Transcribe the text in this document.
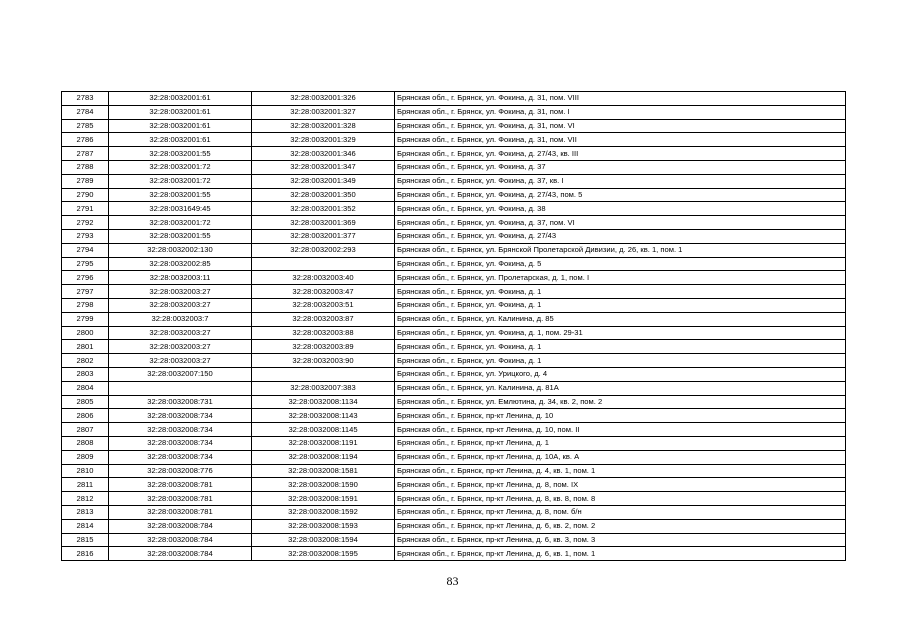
2783	32:28:0032001:61	32:28:0032001:326	Брянская обл., г. Брянск, ул. Фокина, д. 31, пом. VIII
2784	32:28:0032001:61	32:28:0032001:327	Брянская обл., г. Брянск, ул. Фокина, д. 31, пом. I
2785	32:28:0032001:61	32:28:0032001:328	Брянская обл., г. Брянск, ул. Фокина, д. 31, пом. VI
2786	32:28:0032001:61	32:28:0032001:329	Брянская обл., г. Брянск, ул. Фокина, д. 31, пом. VII
2787	32:28:0032001:55	32:28:0032001:346	Брянская обл., г. Брянск, ул. Фокина, д. 27/43, кв. III
2788	32:28:0032001:72	32:28:0032001:347	Брянская обл., г. Брянск, ул. Фокина, д. 37
2789	32:28:0032001:72	32:28:0032001:349	Брянская обл., г. Брянск, ул. Фокина, д. 37, кв. I
2790	32:28:0032001:55	32:28:0032001:350	Брянская обл., г. Брянск, ул. Фокина, д. 27/43, пом. 5
2791	32:28:0031649:45	32:28:0032001:352	Брянская обл., г. Брянск, ул. Фокина, д. 38
2792	32:28:0032001:72	32:28:0032001:369	Брянская обл., г. Брянск, ул. Фокина, д. 37, пом. VI
2793	32:28:0032001:55	32:28:0032001:377	Брянская обл., г. Брянск, ул. Фокина, д. 27/43
2794	32:28:0032002:130	32:28:0032002:293	Брянская обл., г. Брянск, ул. Брянской Пролетарской Дивизии, д. 26, кв. 1, пом. 1
2795	32:28:0032002:85		Брянская обл., г. Брянск, ул. Фокина, д. 5
2796	32:28:0032003:11	32:28:0032003:40	Брянская обл., г. Брянск, ул. Пролетарская, д. 1, пом. I
2797	32:28:0032003:27	32:28:0032003:47	Брянская обл., г. Брянск, ул. Фокина, д. 1
2798	32:28:0032003:27	32:28:0032003:51	Брянская обл., г. Брянск, ул. Фокина, д. 1
2799	32:28:0032003:7	32:28:0032003:87	Брянская обл., г. Брянск, ул. Калинина, д. 85
2800	32:28:0032003:27	32:28:0032003:88	Брянская обл., г. Брянск, ул. Фокина, д. 1, пом. 29-31
2801	32:28:0032003:27	32:28:0032003:89	Брянская обл., г. Брянск, ул. Фокина, д. 1
2802	32:28:0032003:27	32:28:0032003:90	Брянская обл., г. Брянск, ул. Фокина, д. 1
2803	32:28:0032007:150		Брянская обл., г. Брянск, ул. Урицкого, д. 4
2804		32:28:0032007:383	Брянская обл., г. Брянск, ул. Калинина, д. 81А
2805	32:28:0032008:731	32:28:0032008:1134	Брянская обл., г. Брянск, ул. Емлютина, д. 34, кв. 2, пом. 2
2806	32:28:0032008:734	32:28:0032008:1143	Брянская обл., г. Брянск, пр-кт Ленина, д. 10
2807	32:28:0032008:734	32:28:0032008:1145	Брянская обл., г. Брянск, пр-кт Ленина, д. 10, пом. II
2808	32:28:0032008:734	32:28:0032008:1191	Брянская обл., г. Брянск, пр-кт Ленина, д. 1
2809	32:28:0032008:734	32:28:0032008:1194	Брянская обл., г. Брянск, пр-кт Ленина, д. 10А, кв. А
2810	32:28:0032008:776	32:28:0032008:1581	Брянская обл., г. Брянск, пр-кт Ленина, д. 4, кв. 1, пом. 1
2811	32:28:0032008:781	32:28:0032008:1590	Брянская обл., г. Брянск, пр-кт Ленина, д. 8, пом. IX
2812	32:28:0032008:781	32:28:0032008:1591	Брянская обл., г. Брянск, пр-кт Ленина, д. 8, кв. 8, пом. 8
2813	32:28:0032008:781	32:28:0032008:1592	Брянская обл., г. Брянск, пр-кт Ленина, д. 8, пом. б/н
2814	32:28:0032008:784	32:28:0032008:1593	Брянская обл., г. Брянск, пр-кт Ленина, д. 6, кв. 2, пом. 2
2815	32:28:0032008:784	32:28:0032008:1594	Брянская обл., г. Брянск, пр-кт Ленина, д. 6, кв. 3, пом. 3
2816	32:28:0032008:784	32:28:0032008:1595	Брянская обл., г. Брянск, пр-кт Ленина, д. 6, кв. 1, пом. 1
83
